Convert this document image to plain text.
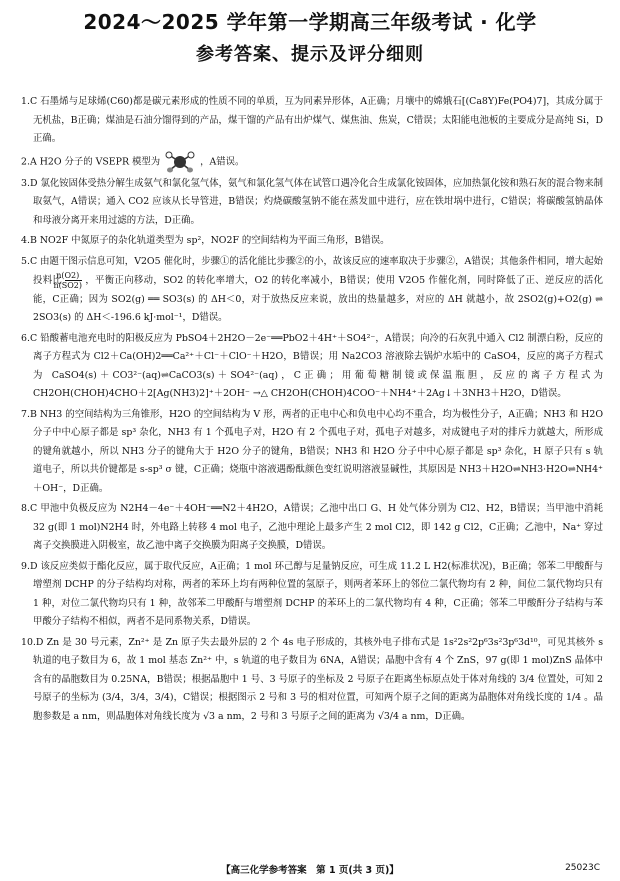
2024～2025 学年第一学期高三年级考试 · 化学
参考答案、提示及评分细则

1.C 石墨烯与足球烯(C60)都是碳元素形成的性质不同的单质，互为同素异形体，A正确；月壤中的嫦娥石[(Ca8Y)Fe(PO4)7]，其成分属于无机盐，B正确；煤油是石油分馏得到的产品，煤干馏的产品有出炉煤气、煤焦油、焦炭，C错误；太阳能电池板的主要成分是高纯 Si，D正确。

2.A H2O 分子的 VSEPR 模型为	，A错误。

3.D 氯化铵固体受热分解生成氨气和氯化氢气体，氨气和氯化氢气体在试管口遇冷化合生成氯化铵固体，应加热氯化铵和熟石灰的混合物来制取氨气，A错误；通入 CO2 应该从长导管进，B错误；灼烧碳酸氢钠不能在蒸发皿中进行，应在铁坩埚中进行，C错误；将碳酸氢钠晶体和母液分离开来用过滤的方法，D正确。

4.B NO2F 中氮原子的杂化轨道类型为 sp²，NO2F 的空间结构为平面三角形，B错误。

5.C 由题干图示信息可知，V2O5 催化时，步骤①的活化能比步骤②的小，故该反应的速率取决于步骤②，A错误；其他条件相同，增大起始投料比 $\frac{n(O2)}{n(SO2)}$ ，平衡正向移动，SO2 的转化率增大，O2 的转化率减小，B错误；使用 V2O5 作催化剂，同时降低了正、逆反应的活化能，C正确；因为 SO2(g) ══ SO3(s) 的 ΔH＜0，对于放热反应来说，放出的热量越多，对应的 ΔH 就越小，故 2SO2(g)+O2(g) ⇌ 2SO3(s) 的 ΔH＜-196.6 kJ·mol⁻¹，D错误。

6.C 铅酸蓄电池充电时的阳极反应为 PbSO4＋2H2O－2e⁻══PbO2＋4H⁺＋SO4²⁻，A错误；向冷的石灰乳中通入 Cl2 制漂白粉，反应的离子方程式为 Cl2＋Ca(OH)2══Ca²⁺＋Cl⁻＋ClO⁻＋H2O，B错误；用 Na2CO3 溶液除去锅炉水垢中的 CaSO4，反应的离子方程式为 CaSO4(s)＋CO3²⁻(aq)⇌CaCO3(s)＋SO4²⁻(aq)，C正确；用葡萄糖制镜或保温瓶胆，反应的离子方程式为 CH2OH(CHOH)4CHO＋2[Ag(NH3)2]⁺＋2OH⁻ →△ CH2OH(CHOH)4COO⁻＋NH4⁺＋2Ag↓＋3NH3＋H2O，D错误。

7.B NH3 的空间结构为三角锥形，H2O 的空间结构为 V 形，两者的正电中心和负电中心均不重合，均为极性分子，A正确；NH3 和 H2O 分子中中心原子都是 sp³ 杂化，NH3 有 1 个孤电子对，H2O 有 2 个孤电子对，孤电子对越多，对成键电子对的排斥力就越大，所形成的键角就越小，所以 NH3 分子的键角大于 H2O 分子的键角，B错误；NH3 和 H2O 分子中中心原子都是 sp³ 杂化，H 原子只有 s 轨道电子，所以共价键都是 s-sp³ σ 键，C正确；烧瓶中溶液遇酚酞颜色变红说明溶液显碱性，其原因是 NH3＋H2O⇌NH3·H2O⇌NH4⁺＋OH⁻，D正确。

8.C 甲池中负极反应为 N2H4－4e⁻＋4OH⁻══N2＋4H2O，A错误；乙池中出口 G、H 处气体分别为 Cl2、H2，B错误；当甲池中消耗 32 g(即 1 mol)N2H4 时，外电路上转移 4 mol 电子，乙池中理论上最多产生 2 mol Cl2，即 142 g Cl2，C正确；乙池中，Na⁺ 穿过离子交换膜进入阴极室，故乙池中离子交换膜为阳离子交换膜，D错误。

9.D 该反应类似于酯化反应，属于取代反应，A正确；1 mol 环己醇与足量钠反应，可生成 11.2 L H2(标准状况)，B正确；邻苯二甲酸酐与增塑剂 DCHP 的分子结构均对称，两者的苯环上均有两种位置的氢原子，则两者苯环上的邻位二氯代物均有 2 种，间位二氯代物均只有 1 种，对位二氯代物均只有 1 种，故邻苯二甲酸酐与增塑剂 DCHP 的苯环上的二氯代物均有 4 种，C正确；邻苯二甲酸酐分子结构与苯甲酸分子结构不相似，两者不是同系物关系，D错误。

10.D Zn 是 30 号元素，Zn²⁺ 是 Zn 原子失去最外层的 2 个 4s 电子形成的，其核外电子排布式是 1s²2s²2p⁶3s²3p⁶3d¹⁰，可见其核外 s 轨道的电子数目为 6，故 1 mol 基态 Zn²⁺ 中，s 轨道的电子数目为 6NA，A错误；晶胞中含有 4 个 ZnS，97 g(即 1 mol)ZnS 晶体中含有的晶胞数目为 0.25NA，B错误；根据晶胞中 1 号、3 号原子的坐标及 2 号原子在距离坐标原点处于体对角线的 3/4 位置处，可知 2 号原子的坐标为 (3/4，3/4，3/4)，C错误；根据图示 2 号和 3 号的相对位置，可知两个原子之间的距离为晶胞体对角线长度的 1/4 。晶胞参数是 a nm，则晶胞体对角线长度为 √3 a nm，2 号和 3 号原子之间的距离为 √3/4 a nm，D正确。

【高三化学参考答案　第 1 页(共 3 页)】	25023C
